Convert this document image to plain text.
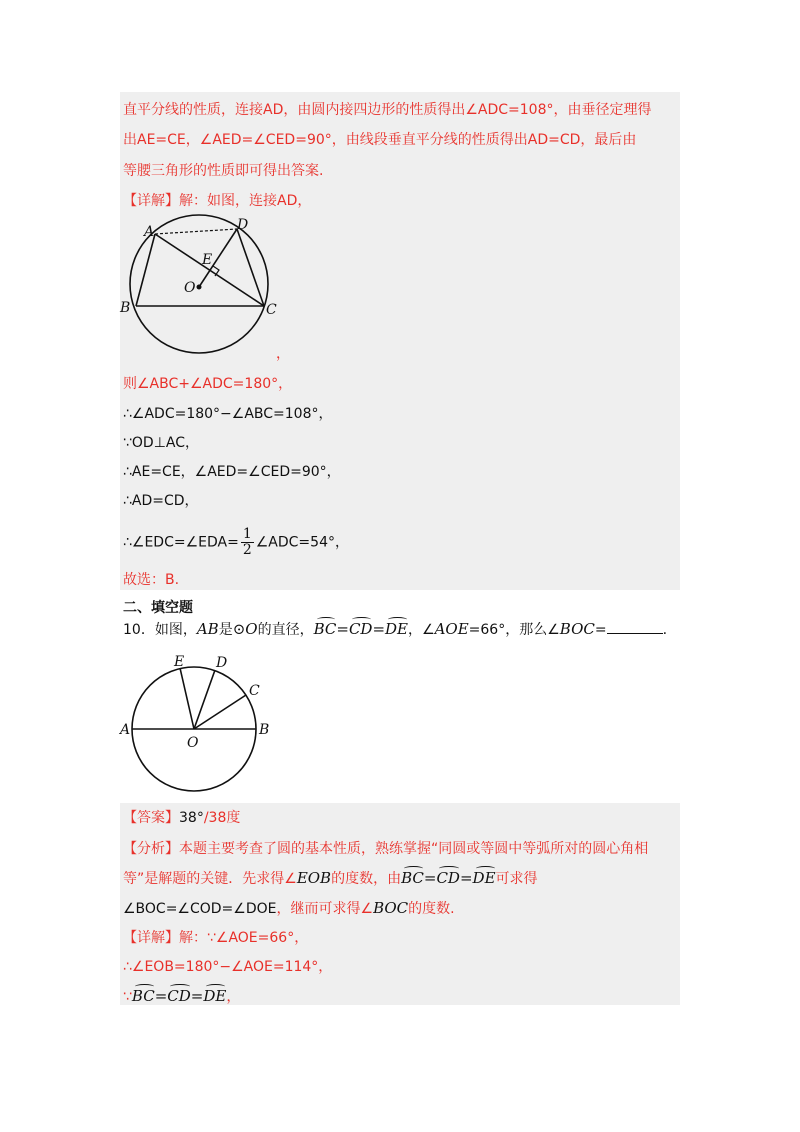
直平分线的性质，连接AD，由圆内接四边形的性质得出∠ADC=108°，由垂径定理得
出AE=CE，∠AED=∠CED=90°，由线段垂直平分线的性质得出AD=CD，最后由
等腰三角形的性质即可得出答案.
【详解】解：如图，连接AD，
A	D
E
O
B	C
，
则∠ABC+∠ADC=180°，
∴∠ADC=180°−∠ABC=108°，
∵OD⊥AC，
∴AE=CE，∠AED=∠CED=90°，
∴AD=CD，
∴∠EDC=∠EDA= $\frac{1}{2}$ ∠ADC=54°，
故选：B.
二、填空题
10．如图，AB是⊙O的直径，BC=CD=DE，∠AOE=66°，那么∠BOC=	.
E D
C
A
O
B
【答案】38°/38度
【分析】本题主要考查了圆的基本性质，熟练掌握“同圆或等圆中等弧所对的圆心角相
等”是解题的关键．先求得∠EOB的度数，由BC=CD=DE可求得
∠BOC=∠COD=∠DOE，继而可求得∠BOC的度数.
【详解】解：∵∠AOE=66°，
∴∠EOB=180°−∠AOE=114°，
∵BC=CD=DE，
